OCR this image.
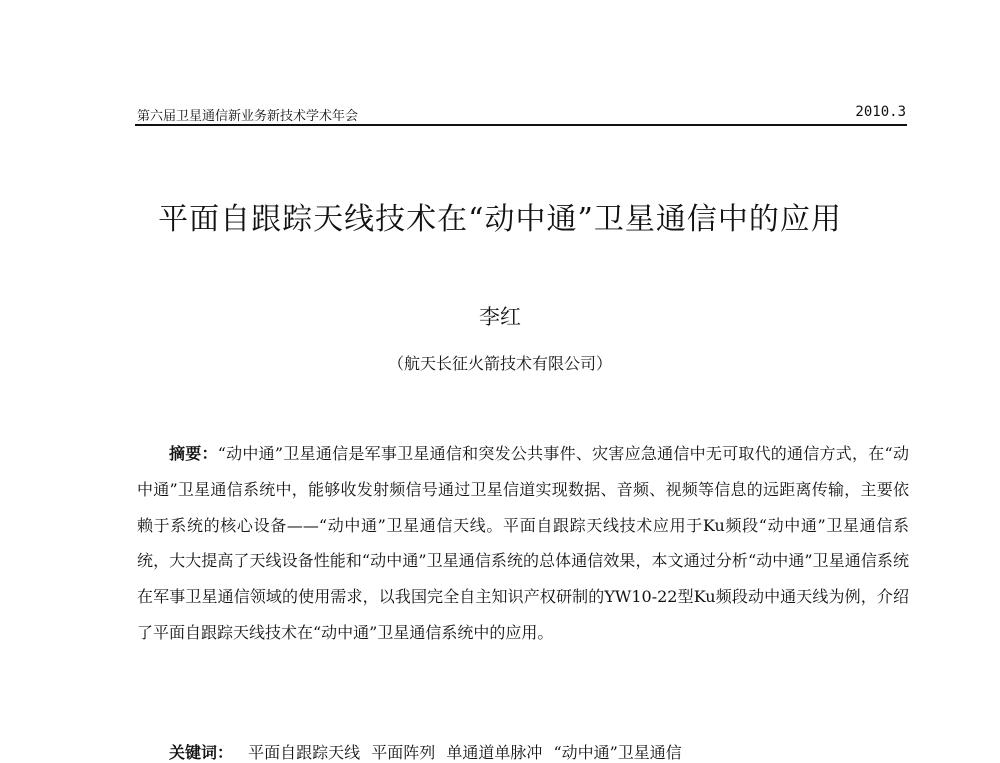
第六届卫星通信新业务新技术学术年会	2010.3
平面自跟踪天线技术在“动中通”卫星通信中的应用
李红
（航天长征火箭技术有限公司）

摘要：“动中通”卫星通信是军事卫星通信和突发公共事件、灾害应急通信中无可取代的通信方式，在“动中通”卫星通信系统中，能够收发射频信号通过卫星信道实现数据、音频、视频等信息的远距离传输，主要依赖于系统的核心设备——“动中通”卫星通信天线。平面自跟踪天线技术应用于Ku频段“动中通”卫星通信系统，大大提高了天线设备性能和“动中通”卫星通信系统的总体通信效果，本文通过分析“动中通”卫星通信系统在军事卫星通信领域的使用需求，以我国完全自主知识产权研制的YW10-22型Ku频段动中通天线为例，介绍了平面自跟踪天线技术在“动中通”卫星通信系统中的应用。

关键词： 平面自跟踪天线 平面阵列 单通道单脉冲 “动中通”卫星通信
